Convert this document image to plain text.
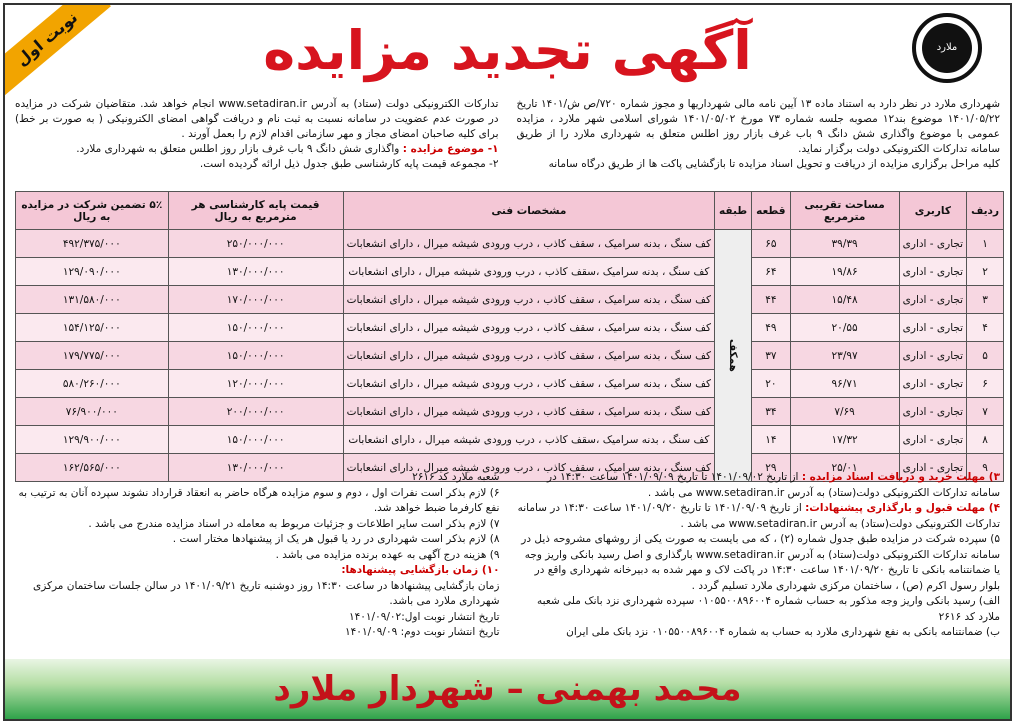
نوبت اول	آگهی تجدید مزایده	ملارد

شهرداری ملارد در نظر دارد به استناد ماده ۱۳ آیین نامه مالی شهرداریها و مجوز شماره ۷۲۰/ص ش/۱۴۰۱ تاریخ ۱۴۰۱/۰۵/۲۲ موضوع بند۱۲ مصوبه جلسه شماره ۷۳ مورخ ۱۴۰۱/۰۵/۰۲ شورای اسلامی شهر ملارد ، مزایده عمومی با موضوع واگذاری شش دانگ ۹ باب غرف بازار روز اطلس متعلق به شهرداری ملارد را از طریق سامانه تدارکات الکترونیکی دولت برگزار نماید.

کلیه مراحل برگزاری مزایده از دریافت و تحویل اسناد مزایده تا بازگشایی پاکت ها از طریق درگاه سامانه

تدارکات الکترونیکی دولت (ستاد) به آدرس www.setadiran.ir انجام خواهد شد. متقاضیان شرکت در مزایده در صورت عدم عضویت در سامانه نسبت به ثبت نام و دریافت گواهی امضای الکترونیکی ( به صورت بر خط) برای کلیه صاحبان امضای مجاز و مهر سازمانی اقدام لازم را بعمل آورند .

۱- موضوع مزایده : واگذاری شش دانگ ۹ باب غرف بازار روز اطلس متعلق به شهرداری ملارد.

۲- مجموعه قیمت پایه کارشناسی طبق جدول ذیل ارائه گردیده است.

ردیف	کاربری	مساحت تقریبی مترمربع	قطعه	طبقه	مشخصات فنی	قیمت پایه کارشناسی هر مترمربع به ریال	۵٪ تضمین شرکت در مزایده به ریال
۱	تجاری - اداری	۳۹/۳۹	۶۵	همکف	کف سنگ ، بدنه سرامیک ، سقف کاذب ، درب ورودی شیشه میرال ، دارای انشعابات	۲۵۰/۰۰۰/۰۰۰	۴۹۲/۳۷۵/۰۰۰
۲	تجاری - اداری	۱۹/۸۶	۶۴		کف سنگ ، بدنه سرامیک ،سقف کاذب ، درب ورودی شیشه میرال ، دارای انشعابات	۱۳۰/۰۰۰/۰۰۰	۱۲۹/۰۹۰/۰۰۰
۳	تجاری - اداری	۱۵/۴۸	۴۴		کف سنگ ، بدنه سرامیک ، سقف کاذب ، درب ورودی شیشه میرال ، دارای انشعابات	۱۷۰/۰۰۰/۰۰۰	۱۳۱/۵۸۰/۰۰۰
۴	تجاری - اداری	۲۰/۵۵	۴۹		کف سنگ ، بدنه سرامیک ، سقف کاذب ، درب ورودی شیشه میرال ، دارای انشعابات	۱۵۰/۰۰۰/۰۰۰	۱۵۴/۱۲۵/۰۰۰
۵	تجاری - اداری	۲۳/۹۷	۳۷		کف سنگ ، بدنه سرامیک ، سقف کاذب ، درب ورودی شیشه میرال ، دارای انشعابات	۱۵۰/۰۰۰/۰۰۰	۱۷۹/۷۷۵/۰۰۰
۶	تجاری - اداری	۹۶/۷۱	۲۰		کف سنگ ، بدنه سرامیک ، سقف کاذب ، درب ورودی شیشه میرال ، دارای انشعابات	۱۲۰/۰۰۰/۰۰۰	۵۸۰/۲۶۰/۰۰۰
۷	تجاری - اداری	۷/۶۹	۳۴		کف سنگ ، بدنه سرامیک ، سقف کاذب ، درب ورودی شیشه میرال ، دارای انشعابات	۲۰۰/۰۰۰/۰۰۰	۷۶/۹۰۰/۰۰۰
۸	تجاری - اداری	۱۷/۳۲	۱۴		کف سنگ ، بدنه سرامیک ،سقف کاذب ، درب ورودی شیشه میرال ، دارای انشعابات	۱۵۰/۰۰۰/۰۰۰	۱۲۹/۹۰۰/۰۰۰
۹	تجاری - اداری	۲۵/۰۱	۲۹		کف سنگ ، بدنه سرامیک ، سقف کاذب ، درب ورودی شیشه میرال ، دارای انشعابات	۱۳۰/۰۰۰/۰۰۰	۱۶۲/۵۶۵/۰۰۰

۳) مهلت خرید و دریافت اسناد مزایده : از تاریخ ۱۴۰۱/۰۹/۰۲ تا تاریخ ۱۴۰۱/۰۹/۰۹ ساعت ۱۴:۳۰ در سامانه تدارکات الکترونیکی دولت(ستاد) به آدرس www.setadiran.ir می باشد .

۴) مهلت قبول و بارگذاری پیشنهادات: از تاریخ ۱۴۰۱/۰۹/۰۹ تا تاریخ ۱۴۰۱/۰۹/۲۰ ساعت ۱۴:۳۰ در سامانه تدارکات الکترونیکی دولت(ستاد) به آدرس www.setadiran.ir می باشد .

۵) سپرده شرکت در مزایده طبق جدول شماره (۲) ، که می بایست به صورت یکی از روشهای مشروحه ذیل در سامانه تدارکات الکترونیکی دولت(ستاد) به آدرس www.setadiran.ir بارگذاری و اصل رسید بانکی واریز وجه یا ضمانتنامه بانکی تا تاریخ ۱۴۰۱/۰۹/۲۰ ساعت ۱۴:۳۰ در پاکت لاک و مهر شده به دبیرخانه شهرداری واقع در بلوار رسول اکرم (ص) ، ساختمان مرکزی شهرداری ملارد تسلیم گردد .

الف) رسید بانکی واریز وجه مذکور به حساب شماره ۰۱۰۵۵۰۰۸۹۶۰۰۴ سپرده شهرداری نزد بانک ملی شعبه ملارد کد ۲۶۱۶

ب) ضمانتنامه بانکی به نفع شهرداری ملارد به حساب به شماره ۰۱۰۵۵۰۰۸۹۶۰۰۴ نزد بانک ملی ایران

شعبه ملارد کد ۲۶۱۶

۶) لازم بذکر است نفرات اول ، دوم و سوم مزایده هرگاه حاضر به انعقاد قرارداد نشوند سپرده آنان به ترتیب به نفع کارفرما ضبط خواهد شد.

۷) لازم بذکر است سایر اطلاعات و جزئیات مربوط به معامله در اسناد مزایده مندرج می باشد .

۸) لازم بذکر است شهرداری در رد یا قبول هر یک از پیشنهادها مختار است .

۹) هزینه درج آگهی به عهده برنده مزایده می باشد .

۱۰) زمان بازگشایی پیشنهادها:

زمان بازگشایی پیشنهادها در ساعت ۱۴:۳۰ روز دوشنبه تاریخ ۱۴۰۱/۰۹/۲۱ در سالن جلسات ساختمان مرکزی شهرداری ملارد می باشد.

تاریخ انتشار نوبت اول:۱۴۰۱/۰۹/۰۲

تاریخ انتشار نوبت دوم: ۱۴۰۱/۰۹/۰۹

محمد بهمنی – شهردار ملارد
